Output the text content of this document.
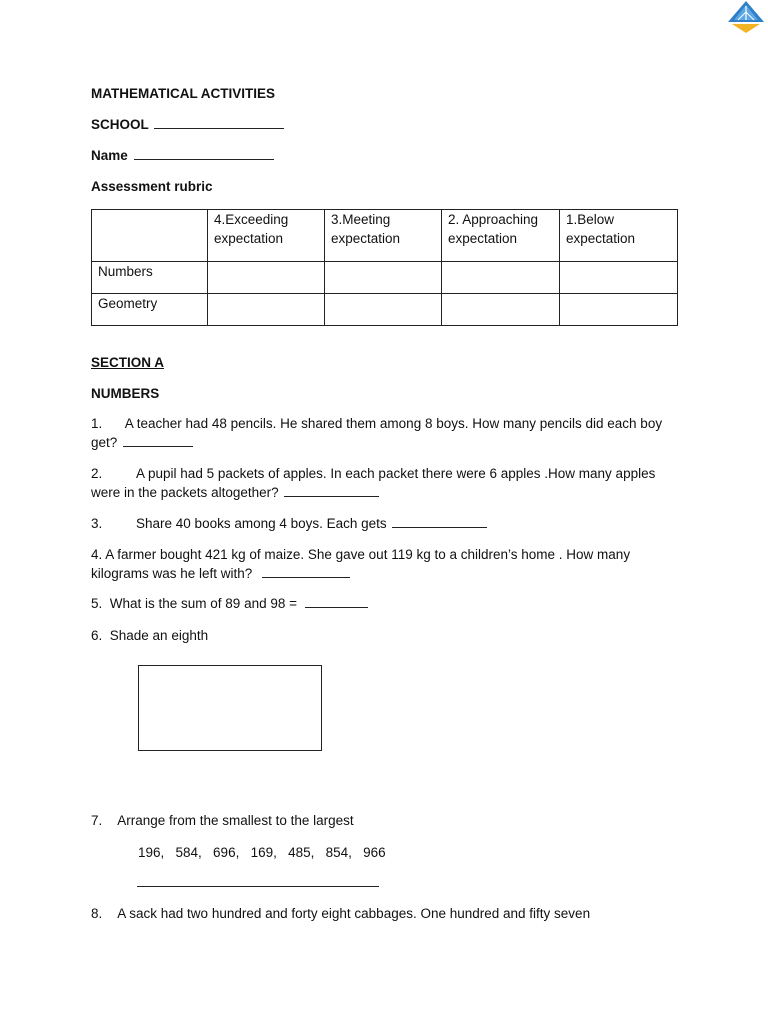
MATHEMATICAL ACTIVITIES
SCHOOL
Name
Assessment rubric
	4.Exceeding expectation	3.Meeting expectation	2. Approaching expectation	1.Below expectation
Numbers				
Geometry				
SECTION A
NUMBERS
1.      A teacher had 48 pencils. He shared them among 8 boys. How many pencils did each boy get?
2.         A pupil had 5 packets of apples. In each packet there were 6 apples .How many apples were in the packets altogether?
3.         Share 40 books among 4 boys. Each gets
4. A farmer bought 421 kg of maize. She gave out 119 kg to a children’s home . How many kilograms was he left with?
5.  What is the sum of 89 and 98 =
6.  Shade an eighth
7.    Arrange from the smallest to the largest
196,   584,   696,   169,   485,   854,   966
8.    A sack had two hundred and forty eight cabbages. One hundred and fifty seven
